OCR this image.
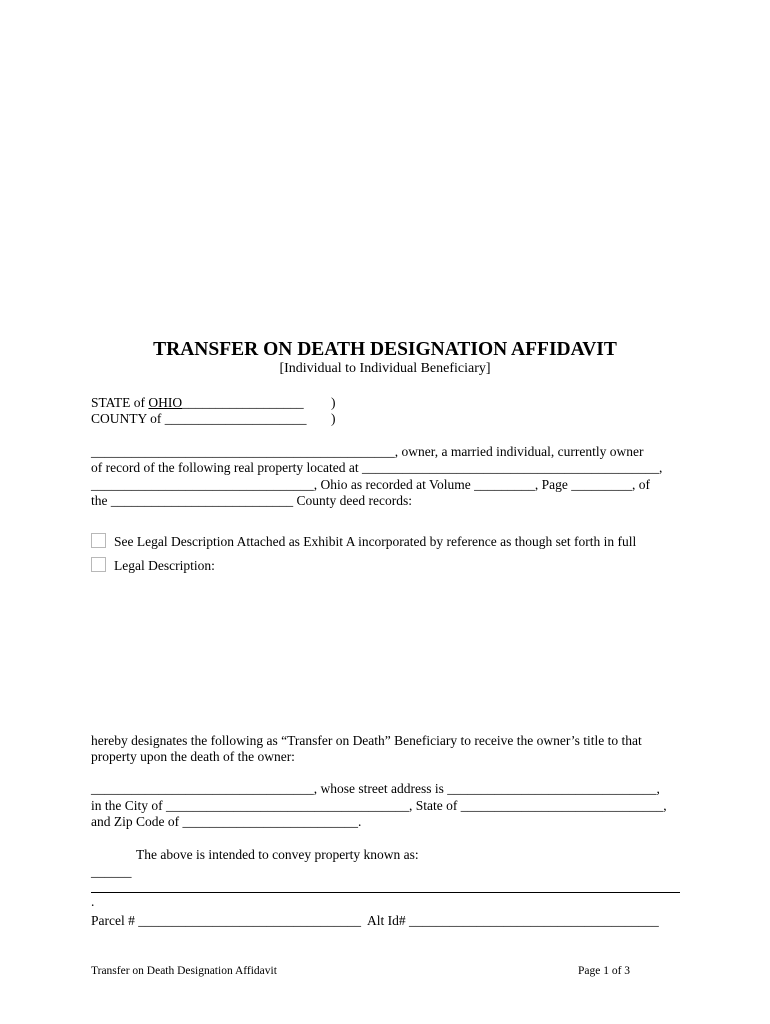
TRANSFER ON DEATH DESIGNATION AFFIDAVIT
[Individual to Individual Beneficiary]
STATE of OHIO__________________ )
COUNTY of _____________________ )
_____________________________________________, owner, a married individual, currently owner
of record of the following real property located at ____________________________________________,
_________________________________, Ohio as recorded at Volume _________, Page _________, of
the ___________________________ County deed records:
See Legal Description Attached as Exhibit A incorporated by reference as though set forth in full
Legal Description:
hereby designates the following as “Transfer on Death” Beneficiary to receive the owner’s title to that
property upon the death of the owner:
_________________________________, whose street address is _______________________________,
in the City of ____________________________________, State of ______________________________,
and Zip Code of __________________________.
The above is intended to convey property known as:
______
.
Parcel # _________________________________  Alt Id# _____________________________________
Transfer on Death Designation Affidavit	Page 1 of 3
